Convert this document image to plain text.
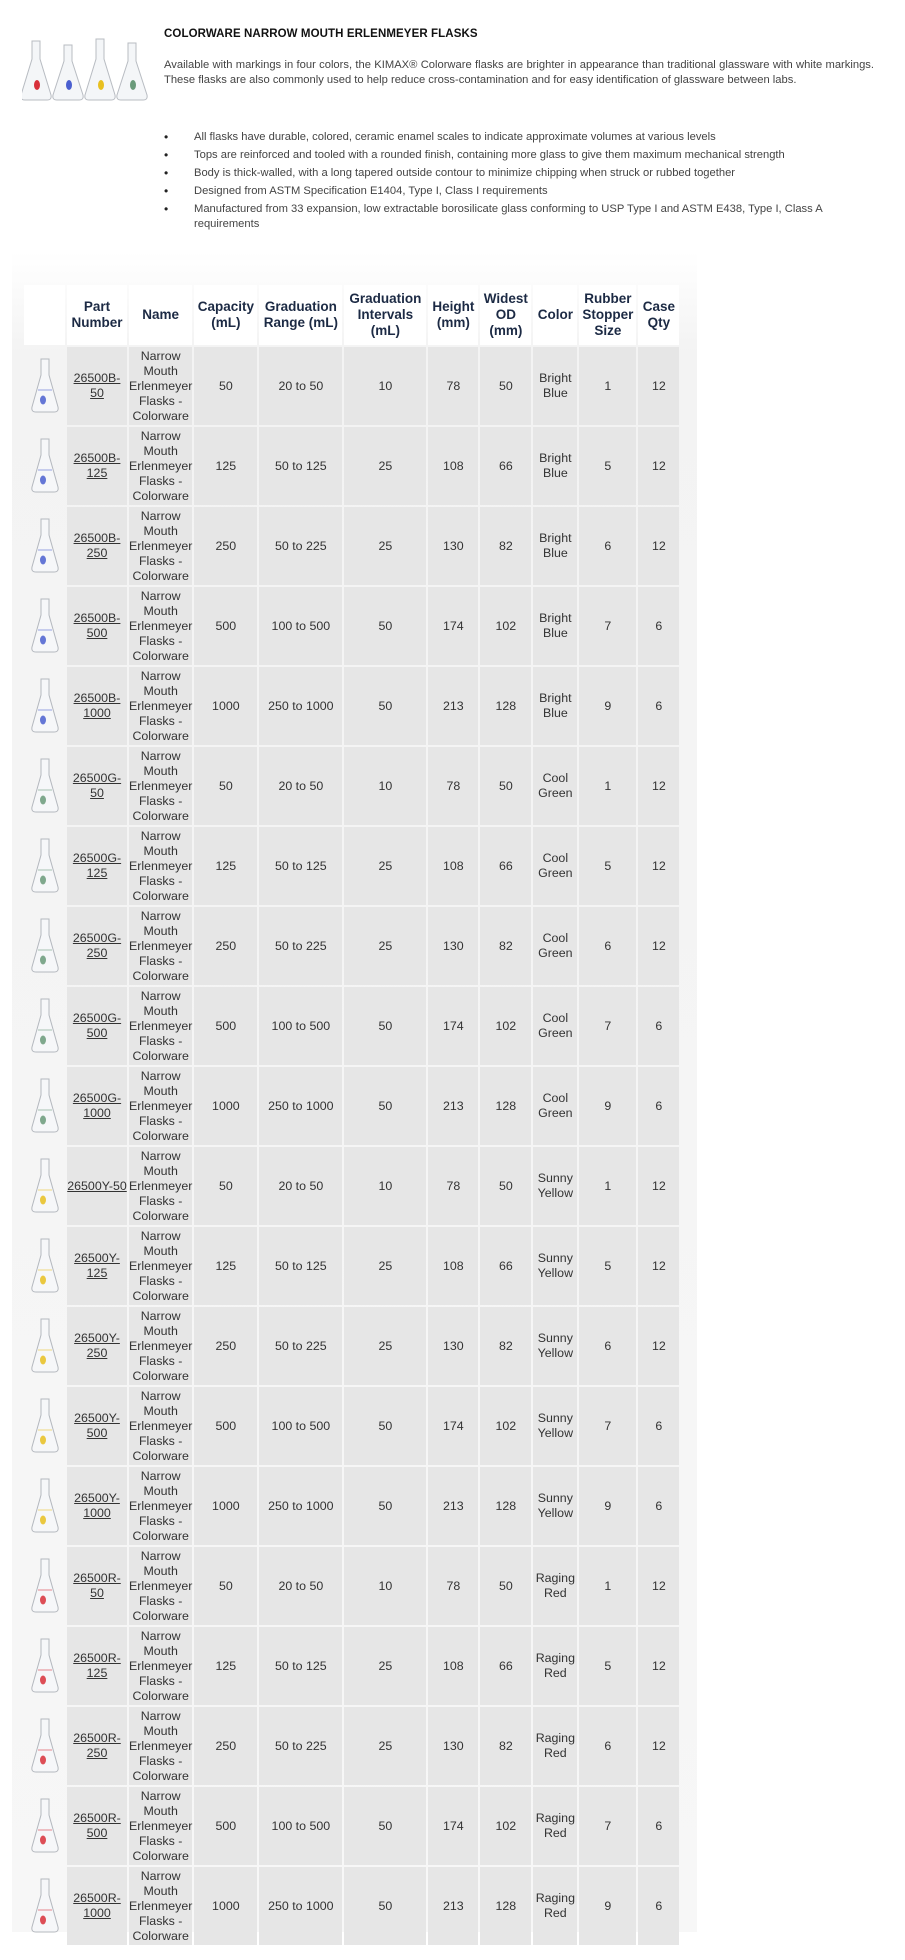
COLORWARE NARROW MOUTH ERLENMEYER FLASKS

Available with markings in four colors, the KIMAX® Colorware flasks are brighter in appearance than traditional glassware with white markings. These flasks are also commonly used to help reduce cross-contamination and for easy identification of glassware between labs.

• All flasks have durable, colored, ceramic enamel scales to indicate approximate volumes at various levels
• Tops are reinforced and tooled with a rounded finish, containing more glass to give them maximum mechanical strength
• Body is thick-walled, with a long tapered outside contour to minimize chipping when struck or rubbed together
• Designed from ASTM Specification E1404, Type I, Class I requirements
• Manufactured from 33 expansion, low extractable borosilicate glass conforming to USP Type I and ASTM E438, Type I, Class A requirements
	Part Number	Name	Capacity (mL)	Graduation Range (mL)	Graduation Intervals (mL)	Height (mm)	Widest OD (mm)	Color	Rubber Stopper Size	Case Qty

	26500B-50	Narrow Mouth Erlenmeyer Flasks - Colorware	50	20 to 50	10	78	50	Bright Blue	1	12

	26500B-125	Narrow Mouth Erlenmeyer Flasks - Colorware	125	50 to 125	25	108	66	Bright Blue	5	12

	26500B-250	Narrow Mouth Erlenmeyer Flasks - Colorware	250	50 to 225	25	130	82	Bright Blue	6	12

	26500B-500	Narrow Mouth Erlenmeyer Flasks - Colorware	500	100 to 500	50	174	102	Bright Blue	7	6

	26500B-1000	Narrow Mouth Erlenmeyer Flasks - Colorware	1000	250 to 1000	50	213	128	Bright Blue	9	6

	26500G-50	Narrow Mouth Erlenmeyer Flasks - Colorware	50	20 to 50	10	78	50	Cool Green	1	12

	26500G-125	Narrow Mouth Erlenmeyer Flasks - Colorware	125	50 to 125	25	108	66	Cool Green	5	12

	26500G-250	Narrow Mouth Erlenmeyer Flasks - Colorware	250	50 to 225	25	130	82	Cool Green	6	12

	26500G-500	Narrow Mouth Erlenmeyer Flasks - Colorware	500	100 to 500	50	174	102	Cool Green	7	6

	26500G-1000	Narrow Mouth Erlenmeyer Flasks - Colorware	1000	250 to 1000	50	213	128	Cool Green	9	6

	26500Y-50	Narrow Mouth Erlenmeyer Flasks - Colorware	50	20 to 50	10	78	50	Sunny Yellow	1	12

	26500Y-125	Narrow Mouth Erlenmeyer Flasks - Colorware	125	50 to 125	25	108	66	Sunny Yellow	5	12

	26500Y-250	Narrow Mouth Erlenmeyer Flasks - Colorware	250	50 to 225	25	130	82	Sunny Yellow	6	12

	26500Y-500	Narrow Mouth Erlenmeyer Flasks - Colorware	500	100 to 500	50	174	102	Sunny Yellow	7	6

	26500Y-1000	Narrow Mouth Erlenmeyer Flasks - Colorware	1000	250 to 1000	50	213	128	Sunny Yellow	9	6

	26500R-50	Narrow Mouth Erlenmeyer Flasks - Colorware	50	20 to 50	10	78	50	Raging Red	1	12

	26500R-125	Narrow Mouth Erlenmeyer Flasks - Colorware	125	50 to 125	25	108	66	Raging Red	5	12

	26500R-250	Narrow Mouth Erlenmeyer Flasks - Colorware	250	50 to 225	25	130	82	Raging Red	6	12

	26500R-500	Narrow Mouth Erlenmeyer Flasks - Colorware	500	100 to 500	50	174	102	Raging Red	7	6

	26500R-1000	Narrow Mouth Erlenmeyer Flasks - Colorware	1000	250 to 1000	50	213	128	Raging Red	9	6
